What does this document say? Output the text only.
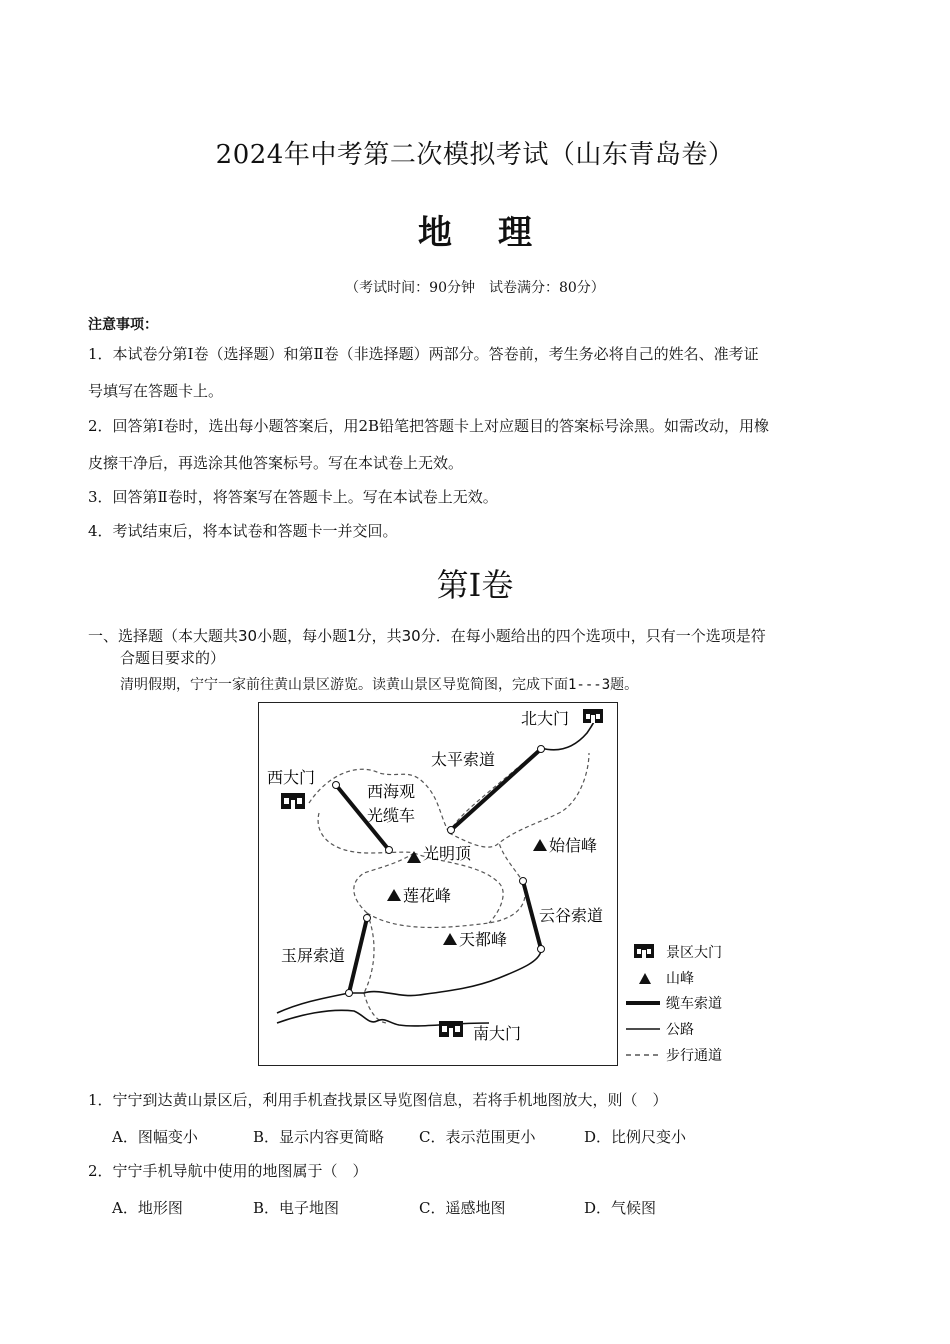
2024年中考第二次模拟考试（山东青岛卷）
地理
（考试时间：90分钟　试卷满分：80分）
注意事项：
1．本试卷分第Ⅰ卷（选择题）和第Ⅱ卷（非选择题）两部分。答卷前，考生务必将自己的姓名、准考证
号填写在答题卡上。
2．回答第Ⅰ卷时，选出每小题答案后，用2B铅笔把答题卡上对应题目的答案标号涂黑。如需改动，用橡
皮擦干净后，再选涂其他答案标号。写在本试卷上无效。
3．回答第Ⅱ卷时，将答案写在答题卡上。写在本试卷上无效。
4．考试结束后，将本试卷和答题卡一并交回。
第Ⅰ卷
一、选择题（本大题共30小题，每小题1分，共30分．在每小题给出的四个选项中，只有一个选项是符
合题目要求的）
清明假期，宁宁一家前往黄山景区游览。读黄山景区导览简图，完成下面1---3题。
北大门
西大门
南大门
太平索道
西海观
光缆车
光明顶	始信峰
莲花峰
云谷索道
天都峰
玉屏索道	景区大门
山峰
缆车索道
公路
步行通道
1．宁宁到达黄山景区后，利用手机查找景区导览图信息，若将手机地图放大，则（　）
A．图幅变小	B．显示内容更简略 C．表示范围更小	D．比例尺变小
2．宁宁手机导航中使用的地图属于（　）
A．地形图	B．电子地图	C．遥感地图	D．气候图
